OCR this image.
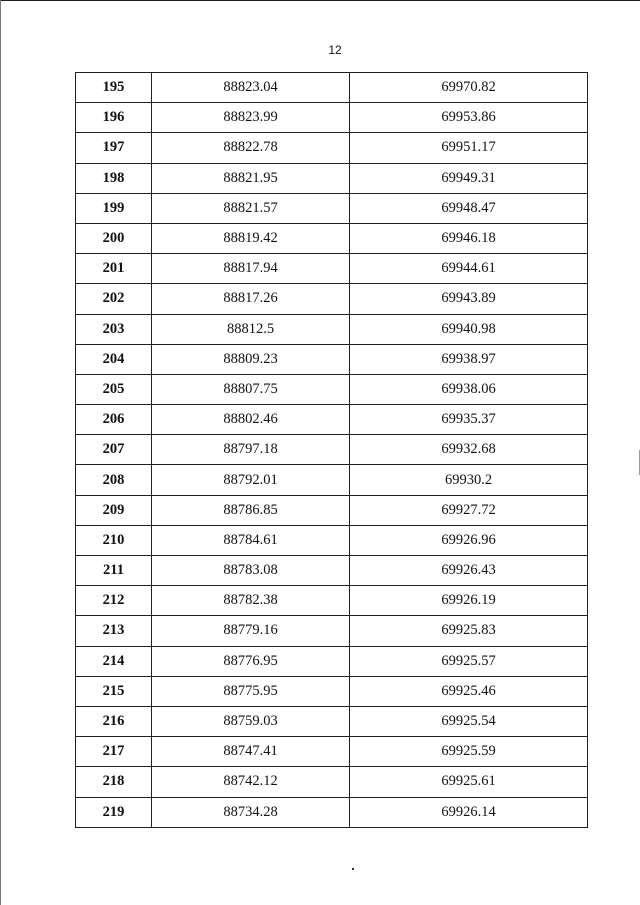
12
195	88823.04	69970.82
196	88823.99	69953.86
197	88822.78	69951.17
198	88821.95	69949.31
199	88821.57	69948.47
200	88819.42	69946.18
201	88817.94	69944.61
202	88817.26	69943.89
203	88812.5	69940.98
204	88809.23	69938.97
205	88807.75	69938.06
206	88802.46	69935.37
207	88797.18	69932.68
208	88792.01	69930.2
209	88786.85	69927.72
210	88784.61	69926.96
211	88783.08	69926.43
212	88782.38	69926.19
213	88779.16	69925.83
214	88776.95	69925.57
215	88775.95	69925.46
216	88759.03	69925.54
217	88747.41	69925.59
218	88742.12	69925.61
219	88734.28	69926.14
